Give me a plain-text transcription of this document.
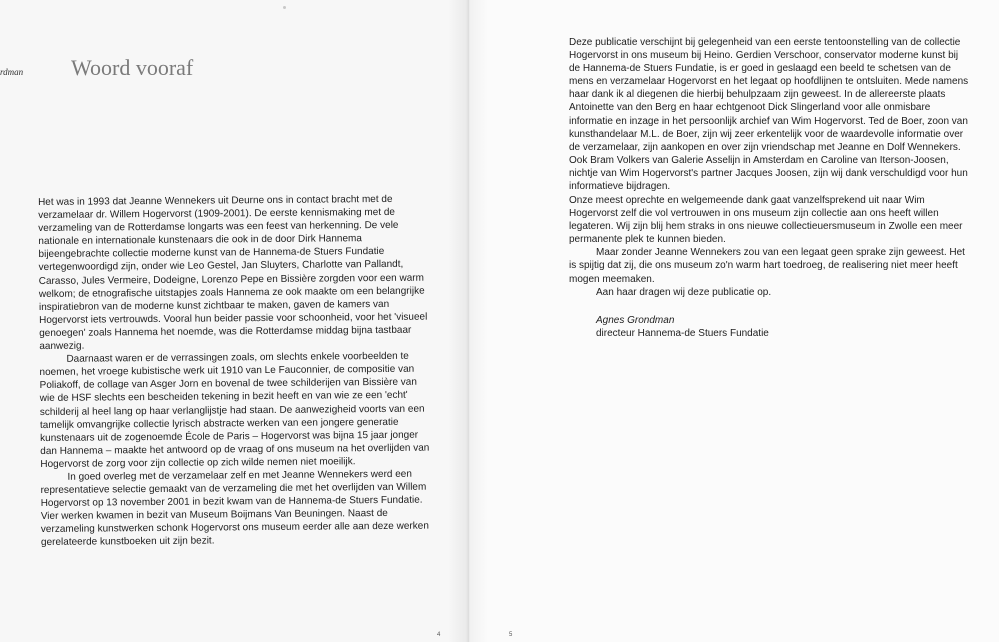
rdman Woord vooraf

Het was in 1993 dat Jeanne Wennekers uit Deurne ons in contact bracht met de verzamelaar dr. Willem Hogervorst (1909-2001). De eerste kennismaking met de verzameling van de Rotterdamse longarts was een feest van herkenning. De vele nationale en internationale kunstenaars die ook in de door Dirk Hannema bijeengebrachte collectie moderne kunst van de Hannema-de Stuers Fundatie vertegenwoordigd zijn, onder wie Leo Gestel, Jan Sluyters, Charlotte van Pallandt, Carasso, Jules Vermeire, Dodeigne, Lorenzo Pepe en Bissière zorgden voor een warm welkom; de etnografische uitstapjes zoals Hannema ze ook maakte om een belangrijke inspiratiebron van de moderne kunst zichtbaar te maken, gaven de kamers van Hogervorst iets vertrouwds. Vooral hun beider passie voor schoonheid, voor het 'visueel genoegen' zoals Hannema het noemde, was die Rotterdamse middag bijna tastbaar aanwezig.

Daarnaast waren er de verrassingen zoals, om slechts enkele voorbeelden te noemen, het vroege kubistische werk uit 1910 van Le Fauconnier, de compositie van Poliakoff, de collage van Asger Jorn en bovenal de twee schilderijen van Bissière van wie de HSF slechts een bescheiden tekening in bezit heeft en van wie ze een 'echt' schilderij al heel lang op haar verlanglijstje had staan. De aanwezigheid voorts van een tamelijk omvangrijke collectie lyrisch abstracte werken van een jongere generatie kunstenaars uit de zogenoemde École de Paris – Hogervorst was bijna 15 jaar jonger dan Hannema – maakte het antwoord op de vraag of ons museum na het overlijden van Hogervorst de zorg voor zijn collectie op zich wilde nemen niet moeilijk.

In goed overleg met de verzamelaar zelf en met Jeanne Wennekers werd een representatieve selectie gemaakt van de verzameling die met het overlijden van Willem Hogervorst op 13 november 2001 in bezit kwam van de Hannema-de Stuers Fundatie. Vier werken kwamen in bezit van Museum Boijmans Van Beuningen. Naast de verzameling kunstwerken schonk Hogervorst ons museum eerder alle aan deze werken gerelateerde kunstboeken uit zijn bezit.

4	5

Deze publicatie verschijnt bij gelegenheid van een eerste tentoonstelling van de collectie Hogervorst in ons museum bij Heino. Gerdien Verschoor, conservator moderne kunst bij de Hannema-de Stuers Fundatie, is er goed in geslaagd een beeld te schetsen van de mens en verzamelaar Hogervorst en het legaat op hoofdlijnen te ontsluiten. Mede namens haar dank ik al diegenen die hierbij behulpzaam zijn geweest. In de allereerste plaats Antoinette van den Berg en haar echtgenoot Dick Slingerland voor alle onmisbare informatie en inzage in het persoonlijk archief van Wim Hogervorst. Ted de Boer, zoon van kunsthandelaar M.L. de Boer, zijn wij zeer erkentelijk voor de waardevolle informatie over de verzamelaar, zijn aankopen en over zijn vriendschap met Jeanne en Dolf Wennekers. Ook Bram Volkers van Galerie Asselijn in Amsterdam en Caroline van Iterson-Joosen, nichtje van Wim Hogervorst's partner Jacques Joosen, zijn wij dank verschuldigd voor hun informatieve bijdragen.

Onze meest oprechte en welgemeende dank gaat vanzelfsprekend uit naar Wim Hogervorst zelf die vol vertrouwen in ons museum zijn collectie aan ons heeft willen legateren. Wij zijn blij hem straks in ons nieuwe collectieuersmuseum in Zwolle een meer permanente plek te kunnen bieden.

Maar zonder Jeanne Wennekers zou van een legaat geen sprake zijn geweest. Het is spijtig dat zij, die ons museum zo'n warm hart toedroeg, de realisering niet meer heeft mogen meemaken.

Aan haar dragen wij deze publicatie op.

Agnes Grondman
directeur Hannema-de Stuers Fundatie
